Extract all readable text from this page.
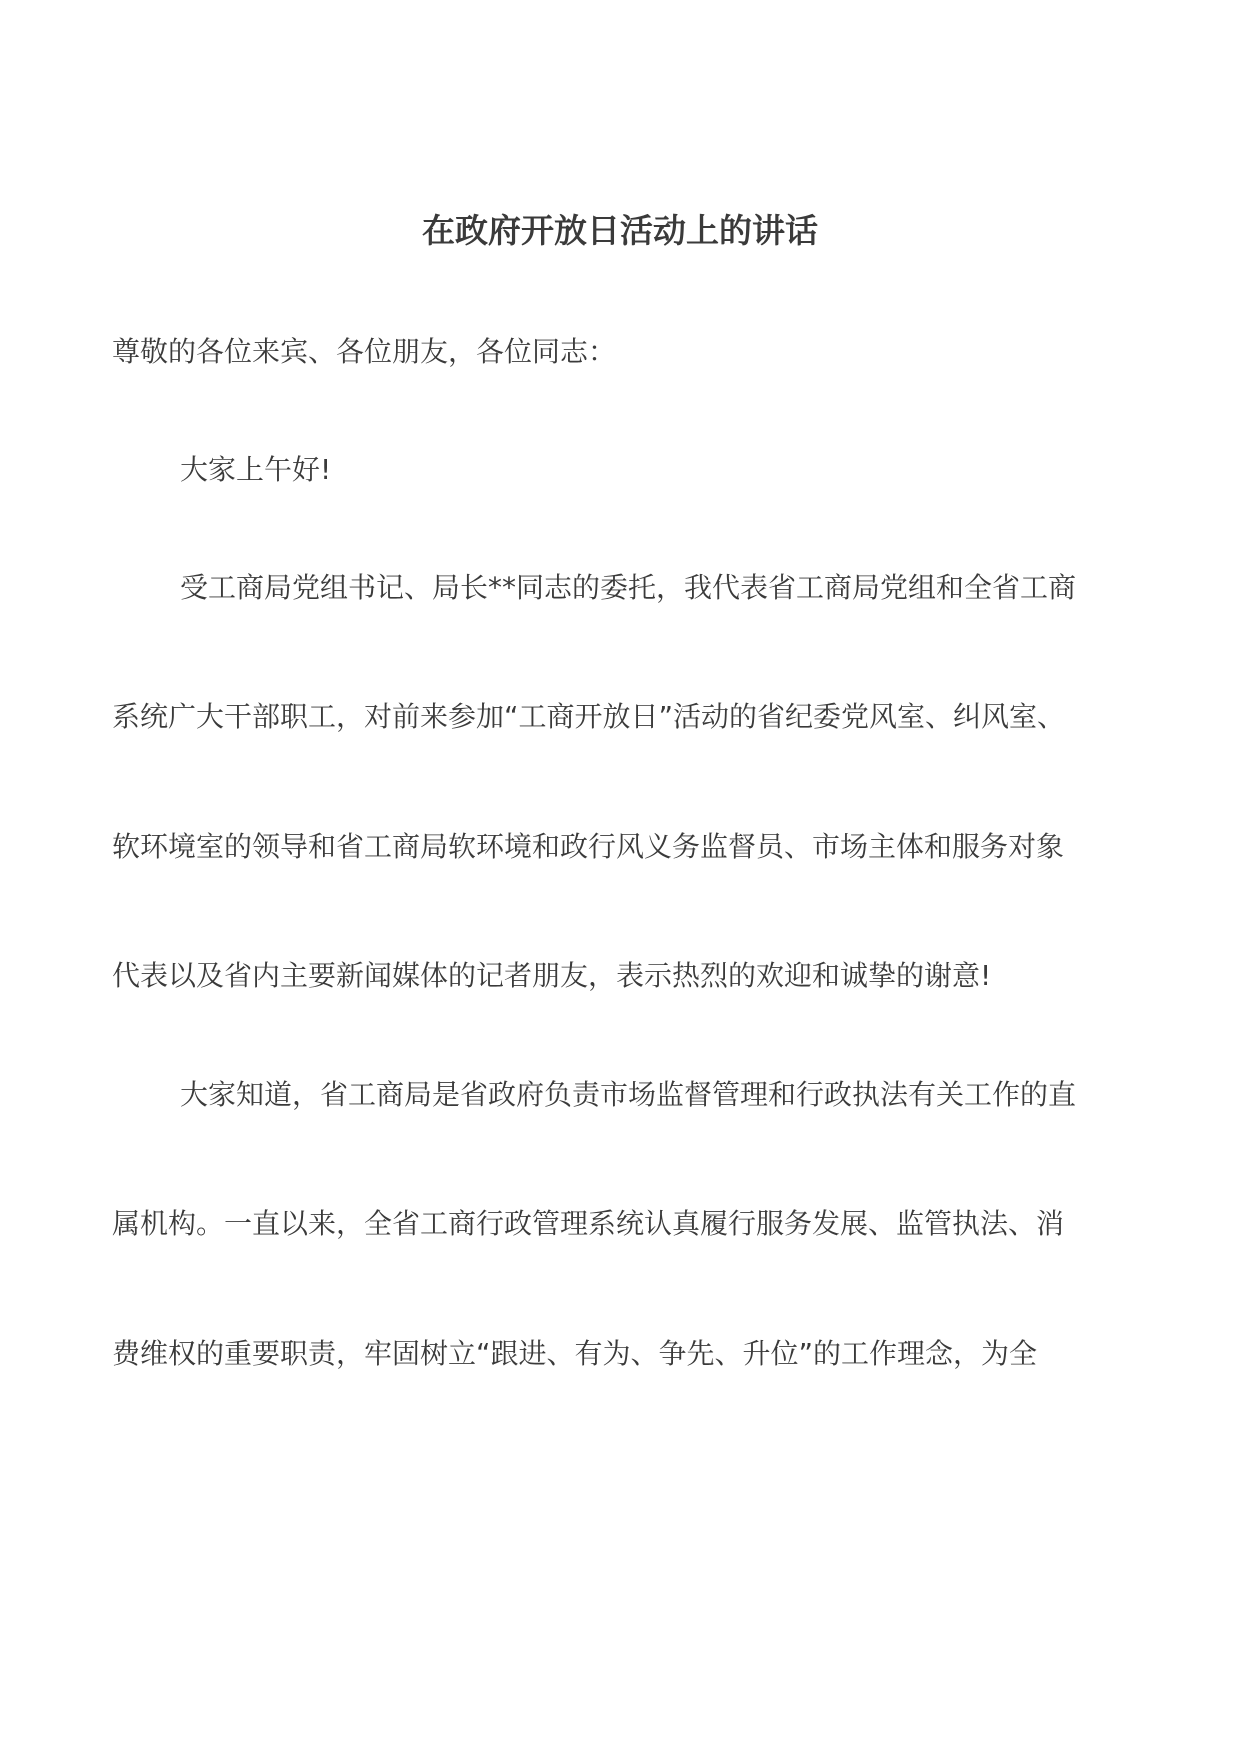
在政府开放日活动上的讲话
尊敬的各位来宾、各位朋友，各位同志：
大家上午好!
受工商局党组书记、局长**同志的委托，我代表省工商局党组和全省工商
系统广大干部职工，对前来参加“工商开放日”活动的省纪委党风室、纠风室、
软环境室的领导和省工商局软环境和政行风义务监督员、市场主体和服务对象
代表以及省内主要新闻媒体的记者朋友，表示热烈的欢迎和诚挚的谢意!
大家知道，省工商局是省政府负责市场监督管理和行政执法有关工作的直
属机构。一直以来，全省工商行政管理系统认真履行服务发展、监管执法、消
费维权的重要职责，牢固树立“跟进、有为、争先、升位”的工作理念，为全
